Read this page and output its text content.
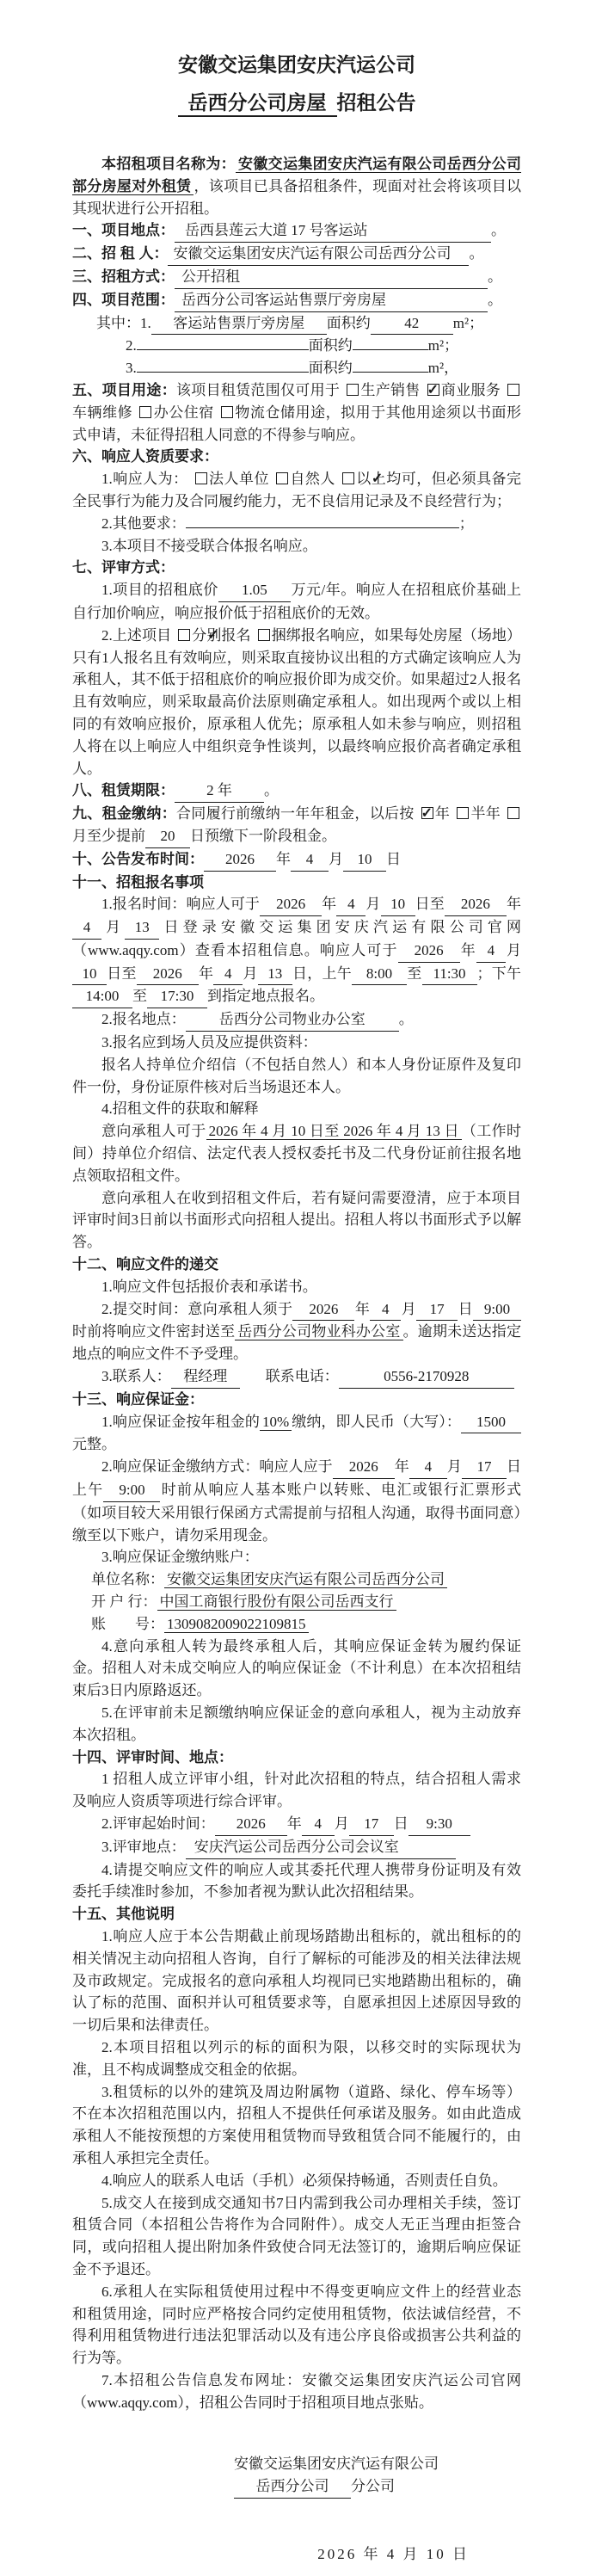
安徽交运集团安庆汽运公司
岳西分公司房屋 招租公告

本招租项目名称为： 安徽交运集团安庆汽运有限公司岳西分公司部分房屋对外租赁 ，该项目已具备招租条件，现面对社会将该项目以其现状进行公开招租。

一、项目地点： 岳西县莲云大道 17 号客运站	。

二、招 租 人： 安徽交运集团安庆汽运有限公司岳西分公司 。

三、招租方式： 公开招租	。

四、项目范围： 岳西分公司客运站售票厅旁房屋	。

其中：1. 客运站售票厅旁房屋 面积约 42 m²；

2.	面积约	m²；

3.	面积约	m²，

五、项目用途：该项目租赁范围仅可用于 生产销售 ✓ 商业服务车辆维修 办公住宿 物流仓储用途，拟用于其他用途须以书面形式申请，未征得招租人同意的不得参与响应。

六、响应人资质要求：

1.响应人为： 法人单位 自然人 ✓ 以上均可，但必须具备完全民事行为能力及合同履约能力，无不良信用记录及不良经营行为；

2.其他要求：	；

3.本项目不接受联合体报名响应。

七、评审方式：

1.项目的招租底价 1.05 万元/年。响应人在招租底价基础上自行加价响应，响应报价低于招租底价的无效。

2.上述项目 ✓ 分别报名 捆绑报名响应，如果每处房屋（场地）只有1人报名且有效响应，则采取直接协议出租的方式确定该响应人为承租人，其不低于招租底价的响应报价即为成交价。如果超过2人报名且有效响应，则采取最高价法原则确定承租人。如出现两个或以上相同的有效响应报价，原承租人优先；原承租人如未参与响应，则招租人将在以上响应人中组织竞争性谈判，以最终响应报价高者确定承租人。

八、租赁期限： 2 年 。

九、租金缴纳：合同履行前缴纳一年年租金，以后按 ✓ 年 半年月至少提前 20 日预缴下一阶段租金。

十、公告发布时间： 2026 年 4 月 10 日

十一、招租报名事项

1.报名时间：响应人可于 2026 年 4 月 10 日至 2026 年4 月 13 日登录安徽交运集团安庆汽运有限公司官网（www.aqqy.com）查看本招租信息。响应人可于 2026 年 4 月10 日至 2026 年 4 月 13 日，上午 8:00 至 11:30 ；下午14:00 至 17:30 到指定地点报名。

2.报名地点： 岳西分公司物业办公室 。

3.报名应到场人员及应提供资料：

报名人持单位介绍信（不包括自然人）和本人身份证原件及复印件一份，身份证原件核对后当场退还本人。

4.招租文件的获取和解释

意向承租人可于 2026 年 4 月 10 日至 2026 年 4 月 13 日 （工作时间）持单位介绍信、法定代表人授权委托书及二代身份证前往报名地点领取招租文件。

意向承租人在收到招租文件后，若有疑问需要澄清，应于本项目评审时间3日前以书面形式向招租人提出。招租人将以书面形式予以解答。

十二、响应文件的递交

1.响应文件包括报价表和承诺书。

2.提交时间：意向承租人须于 2026 年 4 月 17 日 9:00时前将响应文件密封送至 岳西分公司物业科办公室 。逾期未送达指定地点的响应文件不予受理。

3.联系人： 程经理	联系电话：	0556-2170928

十三、响应保证金：

1.响应保证金按年租金的 10% 缴纳，即人民币（大写）： 1500元整。

2.响应保证金缴纳方式：响应人应于 2026 年 4 月 17 日上午 9:00 时前从响应人基本账户以转账、电汇或银行汇票形式（如项目较大采用银行保函方式需提前与招租人沟通，取得书面同意）缴至以下账户，请勿采用现金。

3.响应保证金缴纳账户：

单位名称： 安徽交运集团安庆汽运有限公司岳西分公司

开 户 行： 中国工商银行股份有限公司岳西支行

账　　号： 1309082009022109815

4.意向承租人转为最终承租人后，其响应保证金转为履约保证金。招租人对未成交响应人的响应保证金（不计利息）在本次招租结束后3日内原路返还。

5.在评审前未足额缴纳响应保证金的意向承租人，视为主动放弃本次招租。

十四、评审时间、地点：

1 招租人成立评审小组，针对此次招租的特点，结合招租人需求及响应人资质等项进行综合评审。

2.评审起始时间： 2026 年 4 月 17 日 9:30

3.评审地点： 安庆汽运公司岳西分公司会议室

4.请提交响应文件的响应人或其委托代理人携带身份证明及有效委托手续准时参加，不参加者视为默认此次招租结果。

十五、其他说明

1.响应人应于本公告期截止前现场踏勘出租标的，就出租标的的相关情况主动向招租人咨询，自行了解标的可能涉及的相关法律法规及市政规定。完成报名的意向承租人均视同已实地踏勘出租标的，确认了标的范围、面积并认可租赁要求等，自愿承担因上述原因导致的一切后果和法律责任。

2.本项目招租以列示的标的面积为限，以移交时的实际现状为准，且不构成调整成交租金的依据。

3.租赁标的以外的建筑及周边附属物（道路、绿化、停车场等）不在本次招租范围以内，招租人不提供任何承诺及服务。如由此造成承租人不能按预想的方案使用租赁物而导致租赁合同不能履行的，由承租人承担完全责任。

4.响应人的联系人电话（手机）必须保持畅通，否则责任自负。

5.成交人在接到成交通知书7日内需到我公司办理相关手续，签订租赁合同（本招租公告将作为合同附件）。成交人无正当理由拒签合同，或向招租人提出附加条件致使合同无法签订的，逾期后响应保证金不予退还。

6.承租人在实际租赁使用过程中不得变更响应文件上的经营业态和租赁用途，同时应严格按合同约定使用租赁物，依法诚信经营，不得利用租赁物进行违法犯罪活动以及有违公序良俗或损害公共利益的行为等。

7.本招租公告信息发布网址：安徽交运集团安庆汽运公司官网（www.aqqy.com），招租公告同时于招租项目地点张贴。

安徽交运集团安庆汽运有限公司

岳西分公司 分公司

2026 年 4 月 10 日
